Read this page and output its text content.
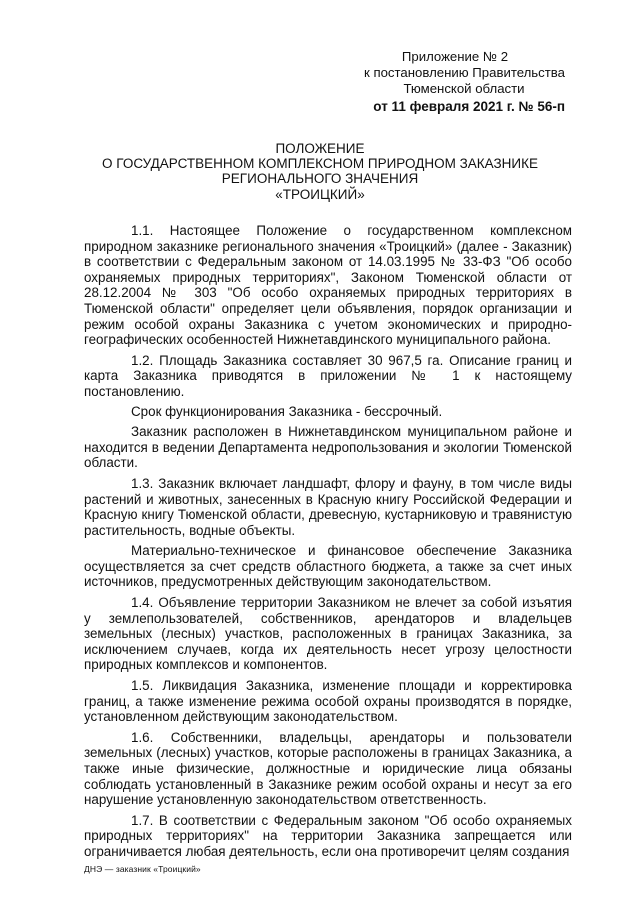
Приложение № 2
к постановлению Правительства
Тюменской области
от 11 февраля 2021 г. № 56-п
ПОЛОЖЕНИЕ
О ГОСУДАРСТВЕННОМ КОМПЛЕКСНОМ ПРИРОДНОМ ЗАКАЗНИКЕ
РЕГИОНАЛЬНОГО ЗНАЧЕНИЯ
«ТРОИЦКИЙ»

1.1. Настоящее Положение о государственном комплексном природном заказнике регионального значения «Троицкий» (далее - Заказник) в соответствии с Федеральным законом от 14.03.1995 № 33-ФЗ "Об особо охраняемых природных территориях", Законом Тюменской области от 28.12.2004 № 303 "Об особо охраняемых природных территориях в Тюменской области" определяет цели объявления, порядок организации и режим особой охраны Заказника с учетом экономических и природно-географических особенностей Нижнетавдинского муниципального района.

1.2. Площадь Заказника составляет 30 967,5 га. Описание границ и карта Заказника приводятся в приложении № 1 к настоящему постановлению.

Срок функционирования Заказника - бессрочный.

Заказник расположен в Нижнетавдинском муниципальном районе и находится в ведении Департамента недропользования и экологии Тюменской области.

1.3. Заказник включает ландшафт, флору и фауну, в том числе виды растений и животных, занесенных в Красную книгу Российской Федерации и Красную книгу Тюменской области, древесную, кустарниковую и травянистую растительность, водные объекты.

Материально-техническое и финансовое обеспечение Заказника осуществляется за счет средств областного бюджета, а также за счет иных источников, предусмотренных действующим законодательством.

1.4. Объявление территории Заказником не влечет за собой изъятия у землепользователей, собственников, арендаторов и владельцев земельных (лесных) участков, расположенных в границах Заказника, за исключением случаев, когда их деятельность несет угрозу целостности природных комплексов и компонентов.

1.5. Ликвидация Заказника, изменение площади и корректировка границ, а также изменение режима особой охраны производятся в порядке, установленном действующим законодательством.

1.6. Собственники, владельцы, арендаторы и пользователи земельных (лесных) участков, которые расположены в границах Заказника, а также иные физические, должностные и юридические лица обязаны соблюдать установленный в Заказнике режим особой охраны и несут за его нарушение установленную законодательством ответственность.

1.7. В соответствии с Федеральным законом "Об особо охраняемых природных территориях" на территории Заказника запрещается или ограничивается любая деятельность, если она противоречит целям создания

ДНЭ — заказник «Троицкий»
